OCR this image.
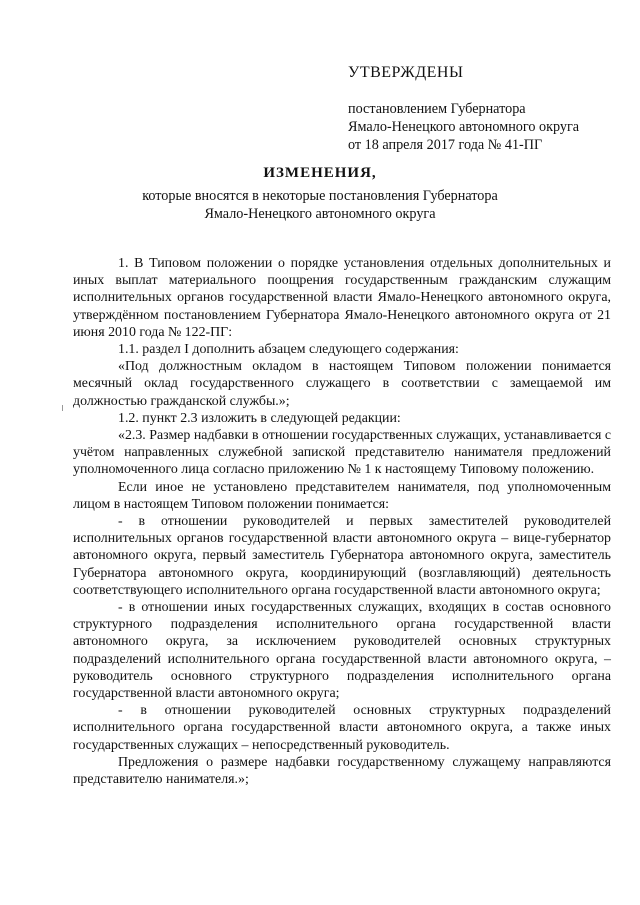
УТВЕРЖДЕНЫ
постановлением Губернатора
Ямало-Ненецкого автономного округа
от 18 апреля 2017 года № 41-ПГ
ИЗМЕНЕНИЯ,
которые вносятся в некоторые постановления Губернатора
Ямало-Ненецкого автономного округа

1. В Типовом положении о порядке установления отдельных дополнительных и иных выплат материального поощрения государственным гражданским служащим исполнительных органов государственной власти Ямало-Ненецкого автономного округа, утверждённом постановлением Губернатора Ямало-Ненецкого автономного округа от 21 июня 2010 года № 122-ПГ:

1.1. раздел I дополнить абзацем следующего содержания:

«Под должностным окладом в настоящем Типовом положении понимается месячный оклад государственного служащего в соответствии с замещаемой им должностью гражданской службы.»;

1.2. пункт 2.3 изложить в следующей редакции:

«2.3. Размер надбавки в отношении государственных служащих, устанавливается с учётом направленных служебной запиской представителю нанимателя предложений уполномоченного лица согласно приложению № 1 к настоящему Типовому положению.

Если иное не установлено представителем нанимателя, под уполномоченным лицом в настоящем Типовом положении понимается:

- в отношении руководителей и первых заместителей руководителей исполнительных органов государственной власти автономного округа – вице-губернатор автономного округа, первый заместитель Губернатора автономного округа, заместитель Губернатора автономного округа, координирующий (возглавляющий) деятельность соответствующего исполнительного органа государственной власти автономного округа;

- в отношении иных государственных служащих, входящих в состав основного структурного подразделения исполнительного органа государственной власти автономного округа, за исключением руководителей основных структурных подразделений исполнительного органа государственной власти автономного округа, – руководитель основного структурного подразделения исполнительного органа государственной власти автономного округа;

- в отношении руководителей основных структурных подразделений исполнительного органа государственной власти автономного округа, а также иных государственных служащих – непосредственный руководитель.

Предложения о размере надбавки государственному служащему направляются представителю нанимателя.»;
